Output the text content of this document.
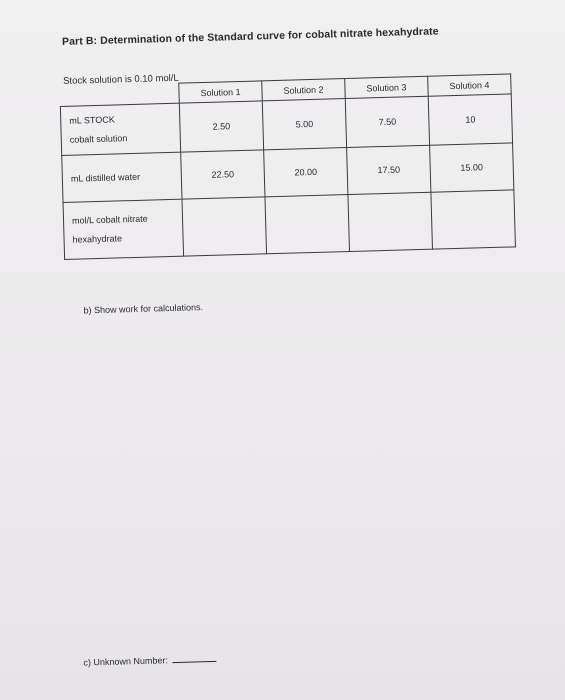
Part B: Determination of the Standard curve for cobalt nitrate hexahydrate
Stock solution is 0.10 mol/L
	Solution 1	Solution 2	Solution 3	Solution 4

mL STOCK
cobalt solution	2.50	5.00	7.50	10

mL distilled water	22.50	20.00	17.50	15.00

mol/L cobalt nitrate
hexahydrate				

b) Show work for calculations.
c) Unknown Number:
